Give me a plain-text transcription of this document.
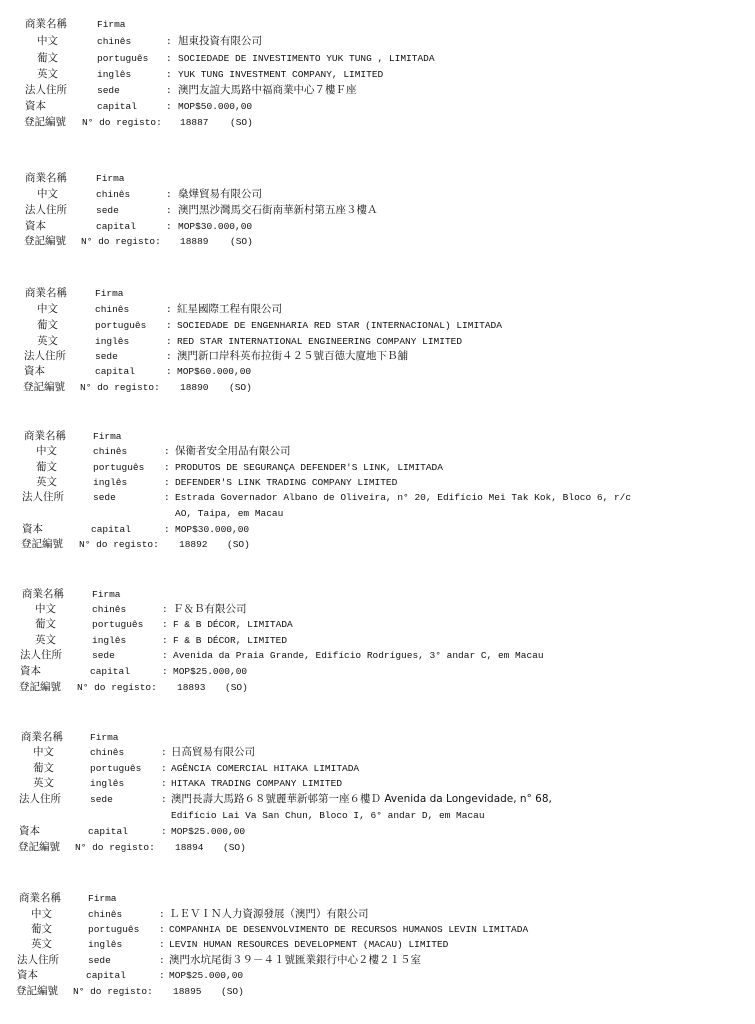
商業名稱	Firma
中文	chinês	: 旭東投資有限公司
葡文	português : SOCIEDADE DE INVESTIMENTO YUK TUNG , LIMITADA
英文	inglês	: YUK TUNG INVESTMENT COMPANY, LIMITED
法人住所	sede	: 澳門友誼大馬路中福商業中心７樓Ｆ座
資本	capital	: MOP$50.000,00
登記編號 N° do registo: 18887 (SO)
商業名稱	Firma
中文	chinês	: 燊燁貿易有限公司
法人住所	sede	: 澳門黑沙灣馬交石街南華新村第五座３樓Ａ
資本	capital	: MOP$30.000,00
登記編號 N° do registo: 18889 (SO)
商業名稱	Firma
中文	chinês	: 紅星國際工程有限公司
葡文	português : SOCIEDADE DE ENGENHARIA RED STAR (INTERNACIONAL) LIMITADA
英文	inglês	: RED STAR INTERNATIONAL ENGINEERING COMPANY LIMITED
法人住所	sede	: 澳門新口岸科英布拉街４２５號百德大廈地下Ｂ舖
資本	capital	: MOP$60.000,00
登記編號 N° do registo: 18890 (SO)
商業名稱	Firma
中文	chinês	: 保衛者安全用品有限公司
葡文	português : PRODUTOS DE SEGURANÇA DEFENDER'S LINK, LIMITADA
英文	inglês	: DEFENDER'S LINK TRADING COMPANY LIMITED
法人住所	sede	: Estrada Governador Albano de Oliveira, n° 20, Edifício Mei Tak Kok, Bloco 6, r/c
AO, Taipa, em Macau
資本	capital	: MOP$30.000,00
登記編號 N° do registo: 18892 (SO)
商業名稱	Firma
中文	chinês	: Ｆ＆Ｂ有限公司
葡文	português : F & B DÉCOR, LIMITADA
英文	inglês	: F & B DÉCOR, LIMITED
法人住所	sede	: Avenida da Praia Grande, Edifício Rodrigues, 3° andar C, em Macau
資本	capital	: MOP$25.000,00
登記編號 N° do registo: 18893 (SO)
商業名稱	Firma
中文	chinês	: 日高貿易有限公司
葡文	português : AGÊNCIA COMERCIAL HITAKA LIMITADA
英文	inglês	: HITAKA TRADING COMPANY LIMITED
法人住所	sede	: 澳門長壽大馬路６８號麗華新邨第一座６樓Ｄ Avenida da Longevidade, n° 68,
Edifício Lai Va San Chun, Bloco I, 6° andar D, em Macau
資本	capital	: MOP$25.000,00
登記編號 N° do registo: 18894 (SO)
商業名稱	Firma
中文	chinês	: ＬＥＶＩＮ人力資源發展（澳門）有限公司
葡文	português : COMPANHIA DE DESENVOLVIMENTO DE RECURSOS HUMANOS LEVIN LIMITADA
英文	inglês	: LEVIN HUMAN RESOURCES DEVELOPMENT (MACAU) LIMITED
法人住所	sede	: 澳門水坑尾街３９－４１號匯業銀行中心２樓２１５室
資本	capital	: MOP$25.000,00
登記編號 N° do registo: 18895 (SO)
